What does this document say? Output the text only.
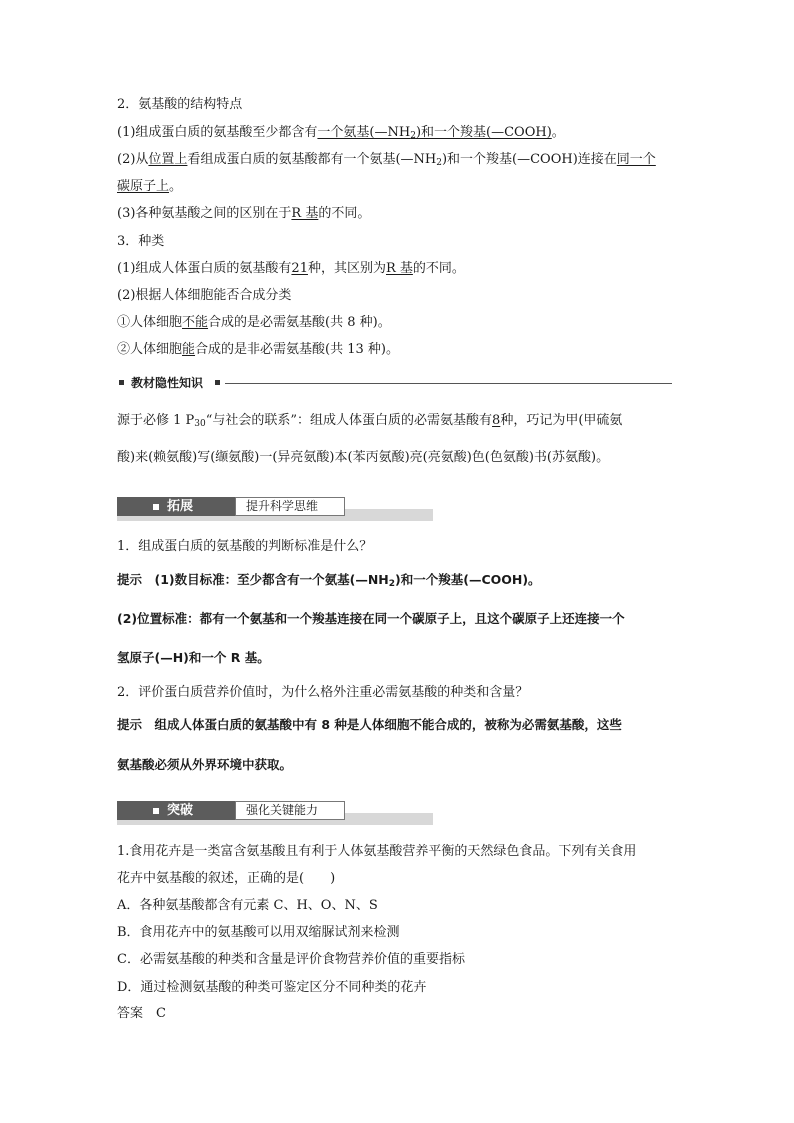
2．氨基酸的结构特点
(1)组成蛋白质的氨基酸至少都含有一个氨基$(—NH_2)$和一个羧基(—COOH)。
(2)从位置上看组成蛋白质的氨基酸都有一个氨基$(—NH_2)$和一个羧基(—COOH)连接在同一个
碳原子上。
(3)各种氨基酸之间的区别在于R 基的不同。
3．种类
(1)组成人体蛋白质的氨基酸有21种，其区别为R 基的不同。
(2)根据人体细胞能否合成分类
①人体细胞不能合成的是必需氨基酸(共 8 种)。
②人体细胞能合成的是非必需氨基酸(共 13 种)。
教材隐性知识
源于必修 1 $P_{30}“$与社会的联系”：组成人体蛋白质的必需氨基酸有8种，巧记为甲(甲硫氨
酸)来(赖氨酸)写(缬氨酸)一(异亮氨酸)本(苯丙氨酸)亮(亮氨酸)色(色氨酸)书(苏氨酸)。
拓展	提升科学思维
1．组成蛋白质的氨基酸的判断标准是什么？
提示　(1)数目标准：至少都含有一个氨基$(—NH_2)$和一个羧基(—COOH)。
(2)位置标准：都有一个氨基和一个羧基连接在同一个碳原子上，且这个碳原子上还连接一个
氢原子(—H)和一个 R 基。
2．评价蛋白质营养价值时，为什么格外注重必需氨基酸的种类和含量？
提示　组成人体蛋白质的氨基酸中有 8 种是人体细胞不能合成的，被称为必需氨基酸，这些
氨基酸必须从外界环境中获取。
突破	强化关键能力
1.食用花卉是一类富含氨基酸且有利于人体氨基酸营养平衡的天然绿色食品。下列有关食用
花卉中氨基酸的叙述，正确的是(　　)
A．各种氨基酸都含有元素 C、H、O、N、S
B．食用花卉中的氨基酸可以用双缩脲试剂来检测
C．必需氨基酸的种类和含量是评价食物营养价值的重要指标
D．通过检测氨基酸的种类可鉴定区分不同种类的花卉
答案　C
